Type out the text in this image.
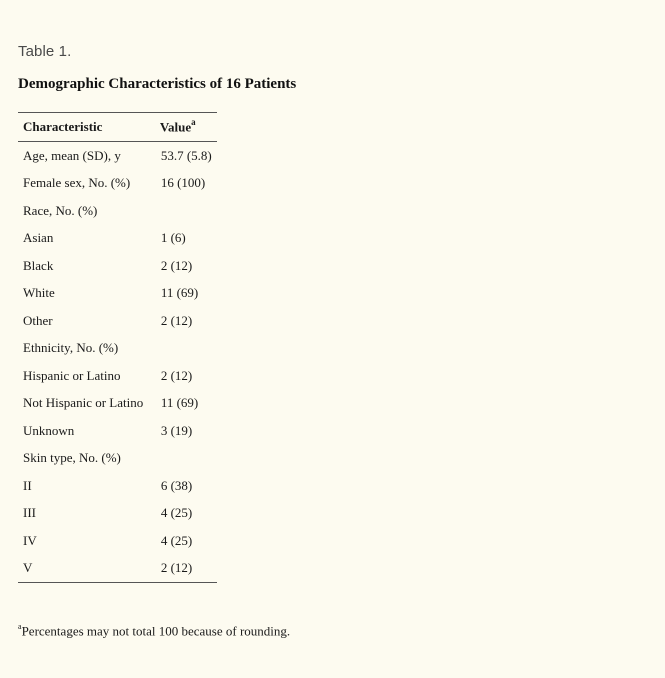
Table 1.
Demographic Characteristics of 16 Patients
Characteristic	Value$^a$
Age, mean (SD), y	53.7 (5.8)
Female sex, No. (%)	16 (100)
Race, No. (%)	
Asian	1 (6)
Black	2 (12)
White	11 (69)
Other	2 (12)
Ethnicity, No. (%)	
Hispanic or Latino	2 (12)
Not Hispanic or Latino	11 (69)
Unknown	3 (19)
Skin type, No. (%)	
II	6 (38)
III	4 (25)
IV	4 (25)
V	2 (12)
$^a$Percentages may not total 100 because of rounding.
